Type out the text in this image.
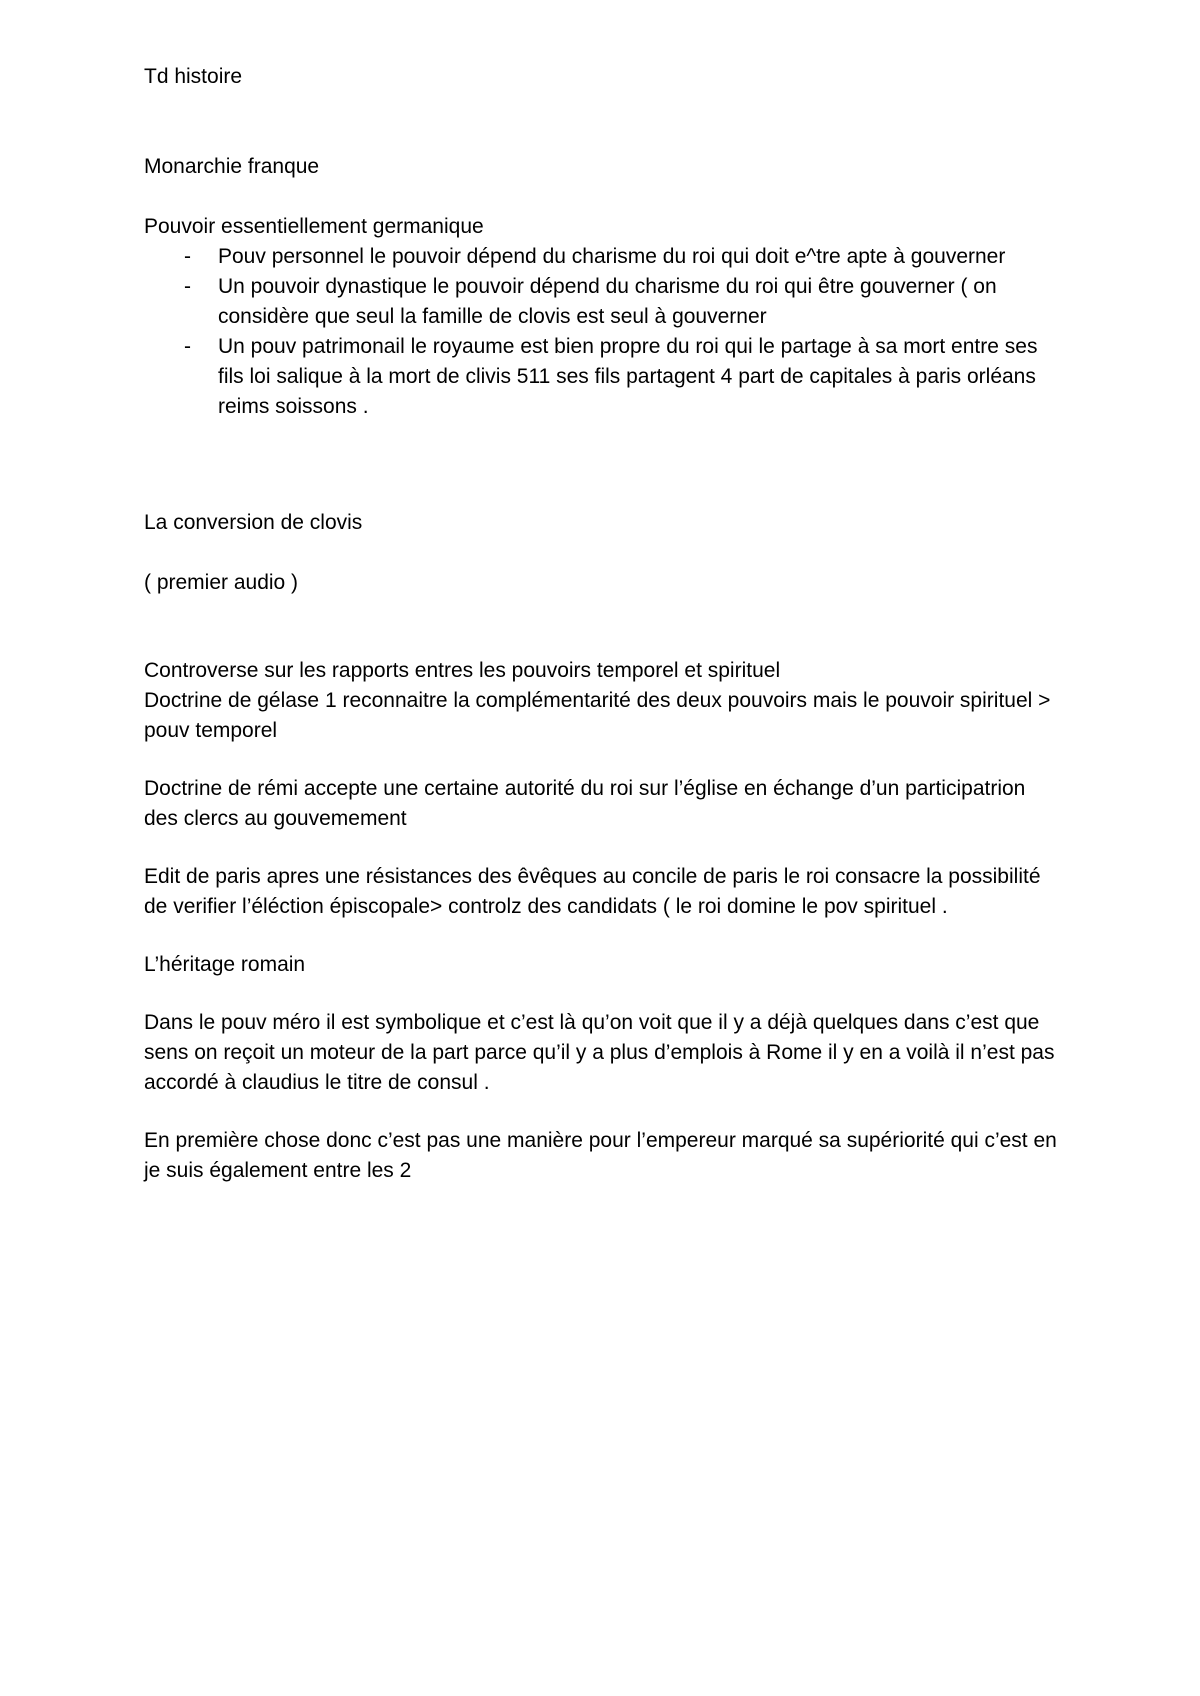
Td histoire

Monarchie franque

Pouvoir essentiellement germanique

- Pouv personnel le pouvoir dépend du charisme du roi qui doit e^tre apte à gouverner
- Un pouvoir dynastique le pouvoir dépend du charisme du roi qui être gouverner ( on considère que seul la famille de clovis est seul à gouverner
- Un pouv patrimonail le royaume est bien propre du roi qui le partage à sa mort entre ses fils loi salique à la mort de clivis 511 ses fils partagent 4 part de capitales à paris orléans reims soissons .

La conversion de clovis

( premier audio )

Controverse sur les rapports entres les pouvoirs temporel et spirituel

Doctrine de gélase 1 reconnaitre la complémentarité des deux pouvoirs mais le pouvoir spirituel > pouv temporel

Doctrine de rémi accepte une certaine autorité du roi sur l’église en échange d’un participatrion des clercs au gouvemement

Edit de paris apres une résistances des êvêques au concile de paris le roi consacre la possibilité de verifier l’éléction épiscopale> controlz des candidats ( le roi domine le pov spirituel .

L’héritage romain

Dans le pouv méro il est symbolique et c’est là qu’on voit que il y a déjà quelques dans c’est que sens on reçoit un moteur de la part parce qu’il y a plus d’emplois à Rome il y en a voilà il n’est pas accordé à claudius le titre de consul .

En première chose donc c’est pas une manière pour l’empereur marqué sa supériorité qui c’est en je suis également entre les 2
